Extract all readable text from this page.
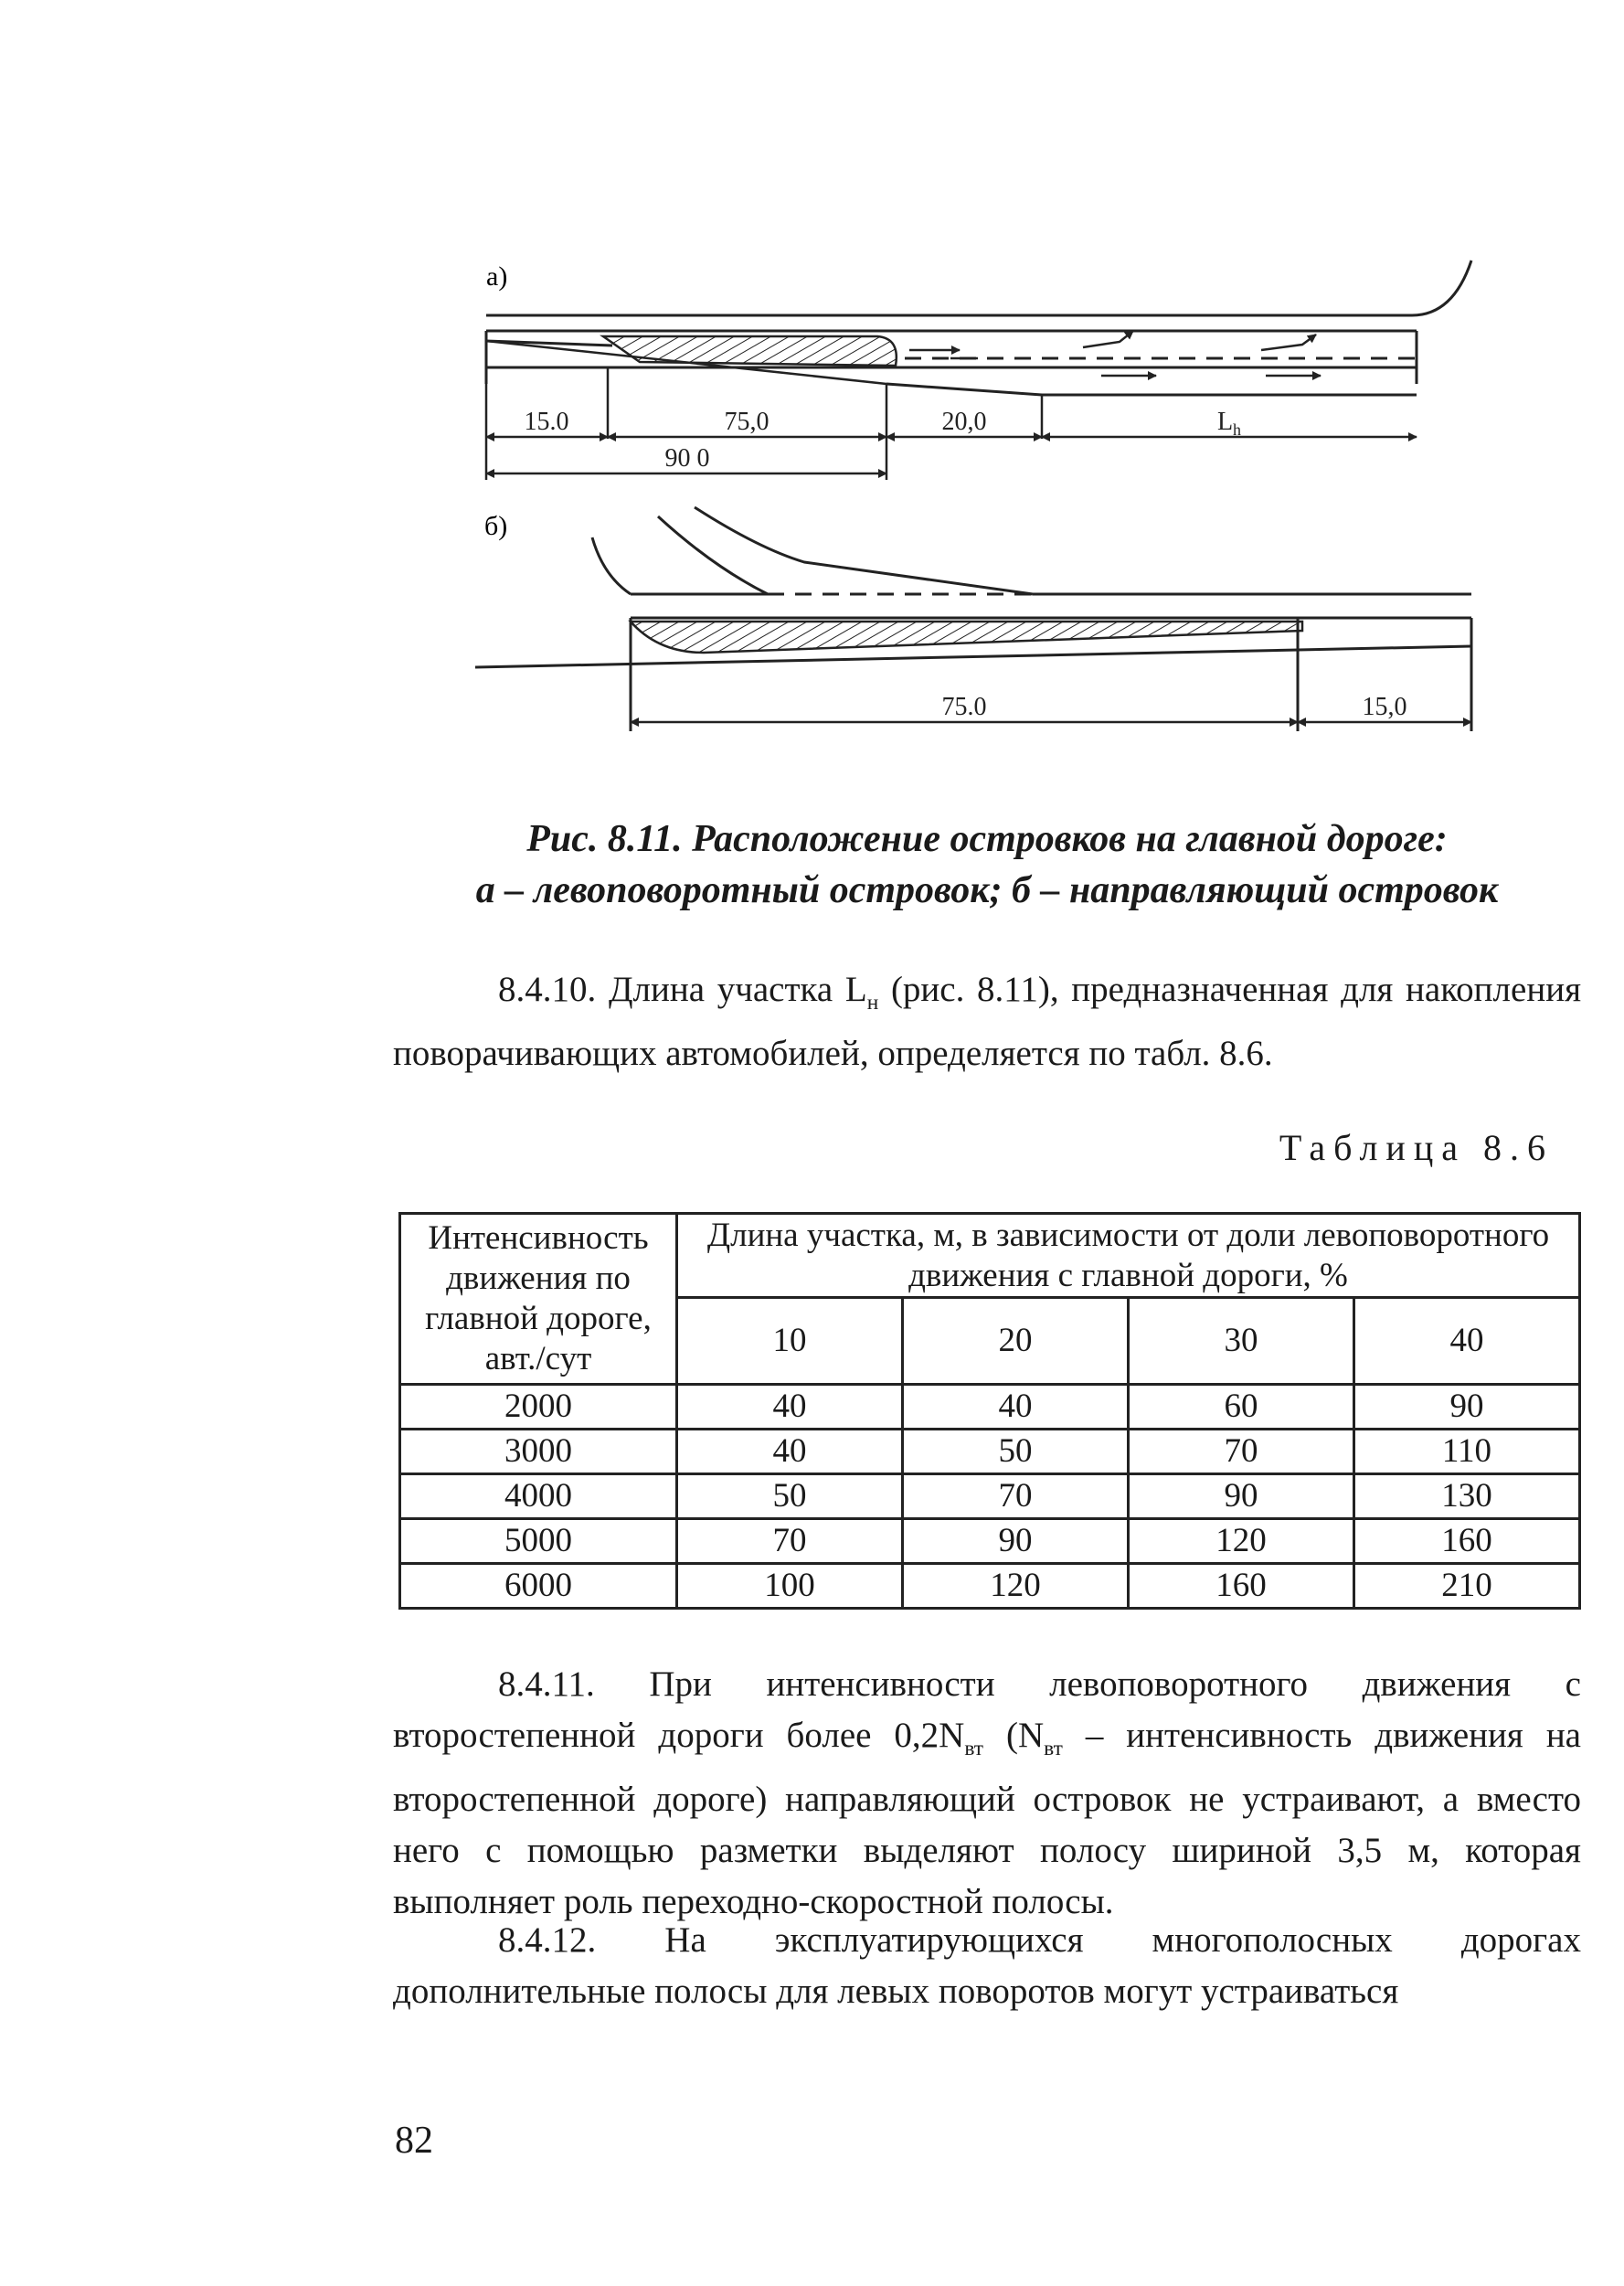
а)
15.0	75,0	20,0	$L_h$
90 0
б)
75.0	15,0
Рис. 8.11. Расположение островков на главной дороге:
а – левоповоротный островок; б – направляющий островок

8.4.10. Длина участка $L_н$ (рис. 8.11), предназначенная для накопления поворачивающих автомобилей, определяется по табл. 8.6.

Таблица 8.6
Интенсивность движения по главной дороге, авт./сут	Длина участка, м, в зависимости от доли левоповоротного движения с главной дороги, %			
	10	20	30	40
2000	40	40	60	90
3000	40	50	70	110
4000	50	70	90	130
5000	70	90	120	160
6000	100	120	160	210

8.4.11. При интенсивности левоповоротного движения с второстепенной дороги более $0,2N_{вт}$ ($N_{вт}$ – интенсивность движения на второстепенной дороге) направляющий островок не устраивают, а вместо него с помощью разметки выделяют полосу шириной 3,5 м, которая выполняет роль переходно-скоростной полосы.

8.4.12. На эксплуатирующихся многополосных дорогах дополнительные полосы для левых поворотов могут устраиваться

82
